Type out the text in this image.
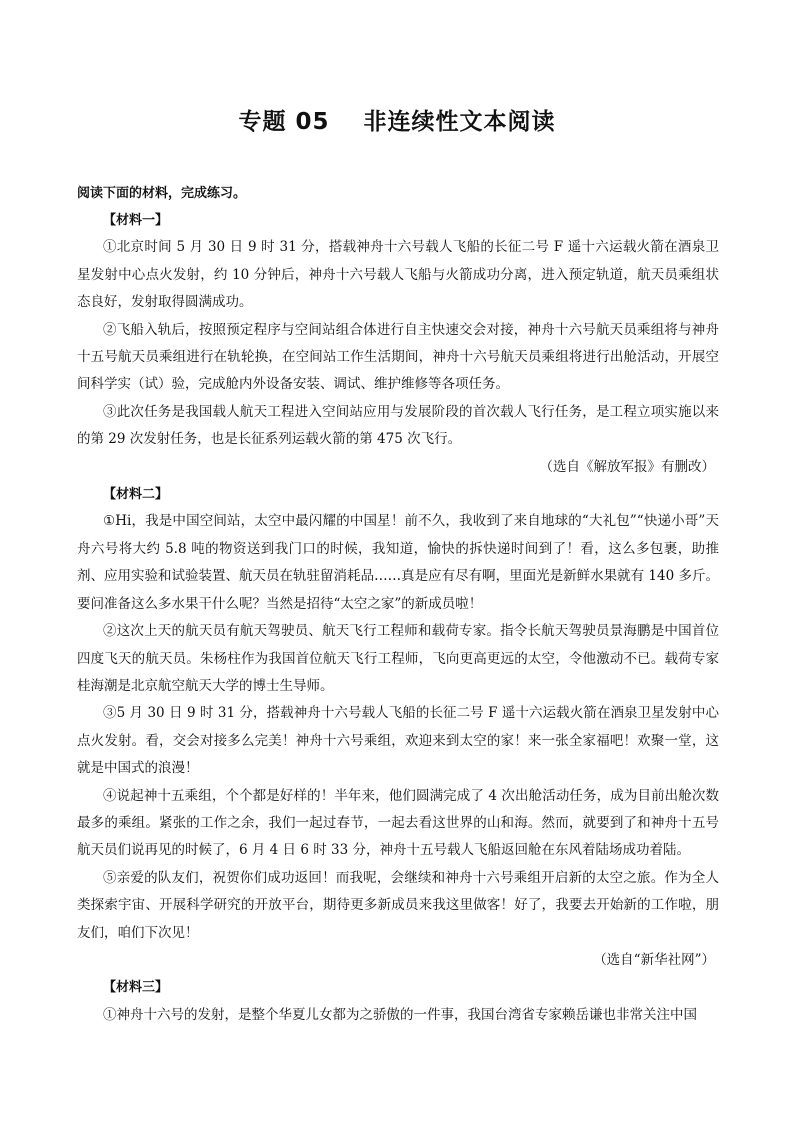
专题 05 非连续性文本阅读

阅读下面的材料，完成练习。

【材料一】

①北京时间 5 月 30 日 9 时 31 分，搭载神舟十六号载人飞船的长征二号 F 遥十六运载火箭在酒泉卫星发射中心点火发射，约 10 分钟后，神舟十六号载人飞船与火箭成功分离，进入预定轨道，航天员乘组状态良好，发射取得圆满成功。

②飞船入轨后，按照预定程序与空间站组合体进行自主快速交会对接，神舟十六号航天员乘组将与神舟十五号航天员乘组进行在轨轮换，在空间站工作生活期间，神舟十六号航天员乘组将进行出舱活动，开展空间科学实（试）验，完成舱内外设备安装、调试、维护维修等各项任务。

③此次任务是我国载人航天工程进入空间站应用与发展阶段的首次载人飞行任务，是工程立项实施以来的第 29 次发射任务，也是长征系列运载火箭的第 475 次飞行。

（选自《解放军报》有删改）

【材料二】

①Hi，我是中国空间站，太空中最闪耀的中国星！前不久，我收到了来自地球的“大礼包”“快递小哥”天舟六号将大约 5.8 吨的物资送到我门口的时候，我知道，愉快的拆快递时间到了！看，这么多包裹，助推剂、应用实验和试验装置、航天员在轨驻留消耗品……真是应有尽有啊，里面光是新鲜水果就有 140 多斤。要问准备这么多水果干什么呢？当然是招待“太空之家”的新成员啦！

②这次上天的航天员有航天驾驶员、航天飞行工程师和载荷专家。指令长航天驾驶员景海鹏是中国首位四度飞天的航天员。朱杨柱作为我国首位航天飞行工程师，飞向更高更远的太空，令他激动不已。载荷专家桂海潮是北京航空航天大学的博士生导师。

③5 月 30 日 9 时 31 分，搭载神舟十六号载人飞船的长征二号 F 遥十六运载火箭在酒泉卫星发射中心点火发射。看，交会对接多么完美！神舟十六号乘组，欢迎来到太空的家！来一张全家福吧！欢聚一堂，这就是中国式的浪漫！

④说起神十五乘组，个个都是好样的！半年来，他们圆满完成了 4 次出舱活动任务，成为目前出舱次数最多的乘组。紧张的工作之余，我们一起过春节，一起去看这世界的山和海。然而，就要到了和神舟十五号航天员们说再见的时候了，6 月 4 日 6 时 33 分，神舟十五号载人飞船返回舱在东风着陆场成功着陆。

⑤亲爱的队友们，祝贺你们成功返回！而我呢，会继续和神舟十六号乘组开启新的太空之旅。作为全人类探索宇宙、开展科学研究的开放平台，期待更多新成员来我这里做客！好了，我要去开始新的工作啦，朋友们，咱们下次见！

（选自“新华社网”）

【材料三】

①神舟十六号的发射，是整个华夏儿女都为之骄傲的一件事，我国台湾省专家赖岳谦也非常关注中国
